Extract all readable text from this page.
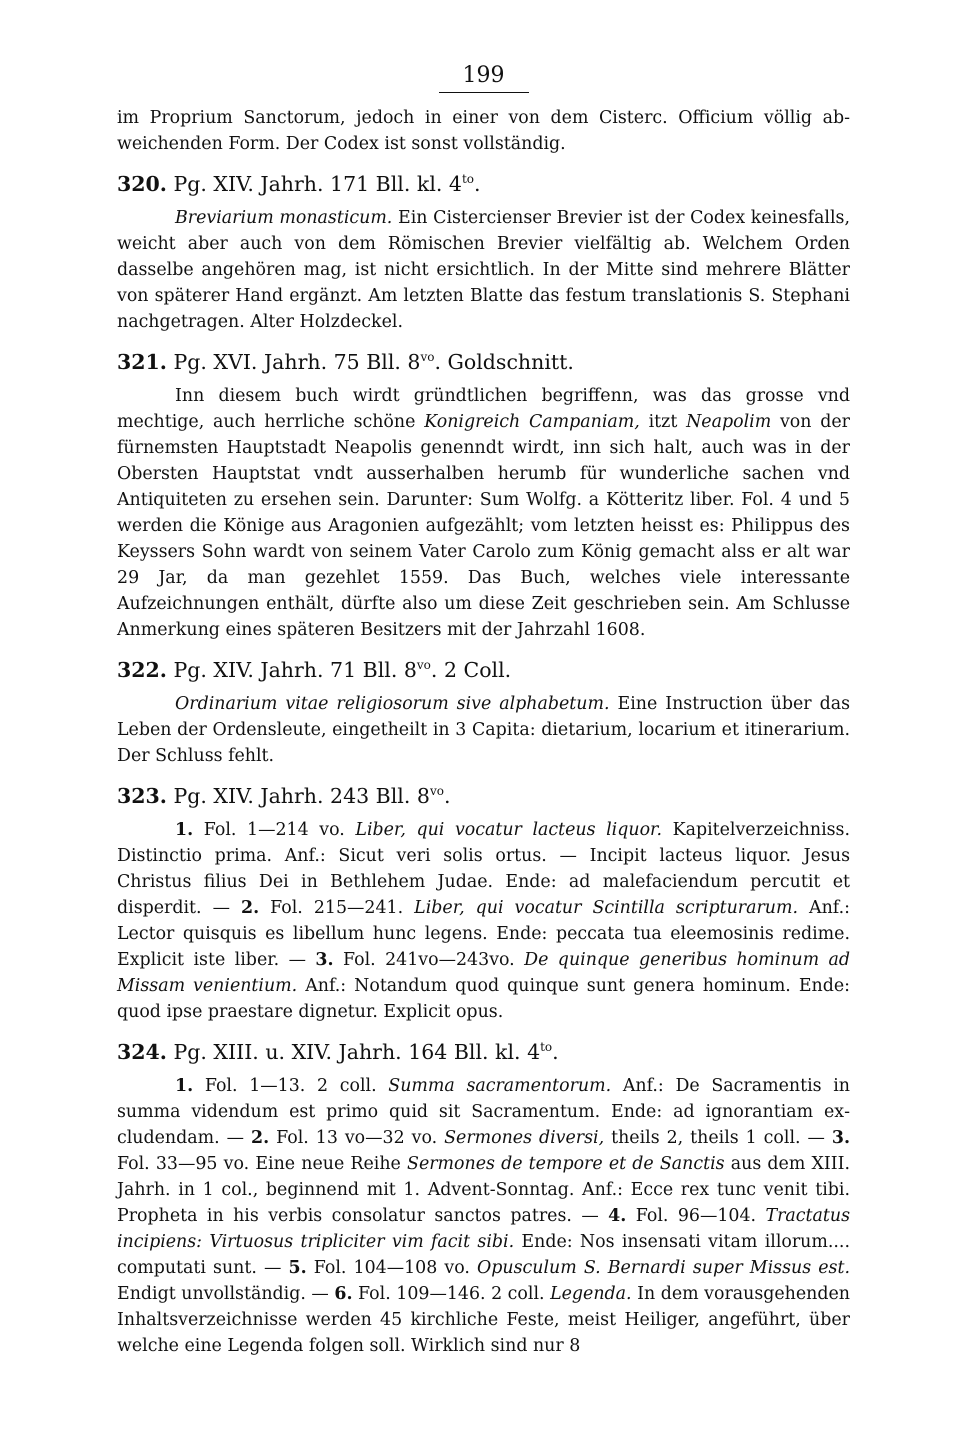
199

im Proprium Sanctorum, jedoch in einer von dem Cisterc. Officium völlig abweichenden Form. Der Codex ist sonst vollständig.

320. Pg. XIV. Jahrh. 171 Bll. kl. $4^{to}$.

Breviarium monasticum. Ein Cistercienser Brevier ist der Codex keinesfalls, weicht aber auch von dem Römischen Brevier vielfältig ab. Welchem Orden dasselbe angehören mag, ist nicht ersichtlich. In der Mitte sind mehrere Blätter von späterer Hand ergänzt. Am letzten Blatte das festum translationis S. Stephani nachgetragen. Alter Holzdeckel.

321. Pg. XVI. Jahrh. 75 Bll. $8^{vo}$. Goldschnitt.

Inn diesem buch wirdt gründtlichen begriffenn, was das grosse vnd mechtige, auch herrliche schöne Konigreich Campaniam, itzt Neapolim von der fürnemsten Hauptstadt Neapolis genenndt wirdt, inn sich halt, auch was in der Obersten Hauptstat vndt ausserhalben herumb für wunderliche sachen vnd Antiquiteten zu ersehen sein. Darunter: Sum Wolfg. a Kötteritz liber. Fol. 4 und 5 werden die Könige aus Aragonien aufgezählt; vom letzten heisst es: Philippus des Keyssers Sohn wardt von seinem Vater Carolo zum König gemacht alss er alt war 29 Jar, da man gezehlet 1559. Das Buch, welches viele interessante Aufzeichnungen enthält, dürfte also um diese Zeit geschrieben sein. Am Schlusse Anmerkung eines späteren Besitzers mit der Jahrzahl 1608.

322. Pg. XIV. Jahrh. 71 Bll. $8^{vo}$. 2 Coll.

Ordinarium vitae religiosorum sive alphabetum. Eine Instruction über das Leben der Ordensleute, eingetheilt in 3 Capita: dietarium, locarium et itinerarium. Der Schluss fehlt.

323. Pg. XIV. Jahrh. 243 Bll. $8^{vo}$.

1. Fol. 1—214 vo. Liber, qui vocatur lacteus liquor. Kapitelverzeichniss. Distinctio prima. Anf.: Sicut veri solis ortus. — Incipit lacteus liquor. Jesus Christus filius Dei in Bethlehem Judae. Ende: ad malefaciendum percutit et disperdit. — 2. Fol. 215—241. Liber, qui vocatur Scintilla scripturarum. Anf.: Lector quisquis es libellum hunc legens. Ende: peccata tua eleemosinis redime. Explicit iste liber. — 3. Fol. 241vo—243vo. De quinque generibus hominum ad Missam venientium. Anf.: Notandum quod quinque sunt genera hominum. Ende: quod ipse praestare dignetur. Explicit opus.

324. Pg. XIII. u. XIV. Jahrh. 164 Bll. kl. $4^{to}$.

1. Fol. 1—13. 2 coll. Summa sacramentorum. Anf.: De Sacramentis in summa videndum est primo quid sit Sacramentum. Ende: ad ignorantiam excludendam. — 2. Fol. 13 vo—32 vo. Sermones diversi, theils 2, theils 1 coll. — 3. Fol. 33—95 vo. Eine neue Reihe Sermones de tempore et de Sanctis aus dem XIII. Jahrh. in 1 col., beginnend mit 1. Advent-Sonntag. Anf.: Ecce rex tunc venit tibi. Propheta in his verbis consolatur sanctos patres. — 4. Fol. 96—104. Tractatus incipiens: Virtuosus tripliciter vim facit sibi. Ende: Nos insensati vitam illorum.... computati sunt. — 5. Fol. 104—108 vo. Opusculum S. Bernardi super Missus est. Endigt unvollständig. — 6. Fol. 109—146. 2 coll. Legenda. In dem vorausgehenden Inhaltsverzeichnisse werden 45 kirchliche Feste, meist Heiliger, angeführt, über welche eine Legenda folgen soll. Wirklich sind nur 8
